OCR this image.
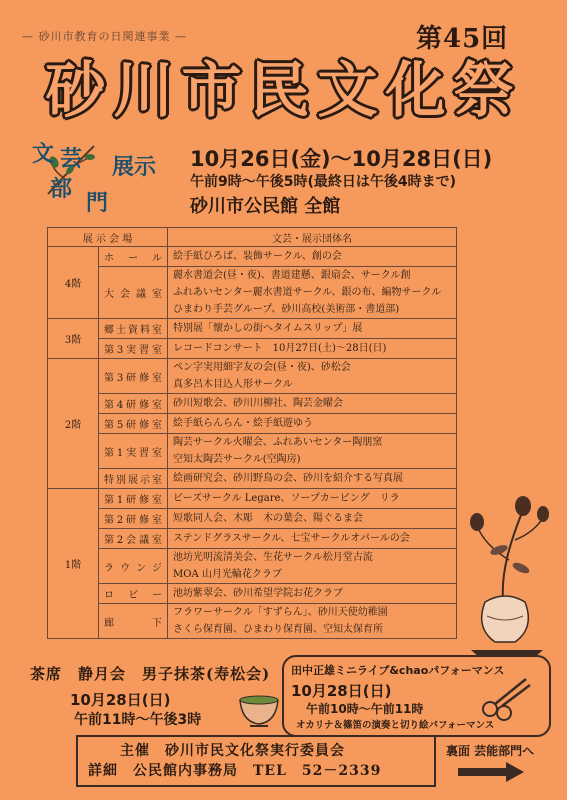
— 砂川市教育の日関連事業 —	第45回
砂川市民文化祭
文	展示
部
門
芸	10月26日(金)～10月28日(日)
午前9時～午後5時(最終日は午後4時まで)
砂川市公民館 全館
展 示 会 場		文芸・展示団体名
4階	ホール	絵手紙ひろば、装飾サークル、創の会

	大会議室	麗水書道会(昼・夜)、書道建懸、銀扇会、サークル創
ふれあいセンター麗水書道サークル、銀の布、編物サークル
ひまわり手芸グループ、砂川高校(美術部・書道部)

3階	郷土資料室	特別展「懐かしの街へタイムスリップ」展

	第3実習室	レコードコンサート　10月27日(土)～28日(日)

2階	第3研修室	ペン字実用細字友の会(昼・夜)、砂松会
真多呂木目込人形サークル

	第4研修室	砂川短歌会、砂川川柳社、陶芸金曜会

	第5研修室	絵手紙らんらん・絵手紙遊ゆう

	第1実習室	陶芸サークル火曜会、ふれあいセンター陶朋窯
空知太陶芸サークル(空陶房)

	特別展示室	絵画研究会、砂川野鳥の会、砂川を紹介する写真展

1階	第1研修室	ビーズサークル Legare、ソープカービング　リラ

	第2研修室	短歌同人会、木彫　木の葉会、陽ぐるま会

	第2会議室	ステンドグラスサークル、七宝サークルオパールの会

	ラウンジ	池坊光明流清美会、生花サークル松月堂古流
MOA 山月光輪花クラブ

	ロビー	池坊紫翠会、砂川希望学院お花クラブ

	廊下	フラワーサークル「すずらん」、砂川天使幼稚園
さくら保育園、ひまわり保育園、空知太保育所
茶席　静月会　男子抹茶(寿松会)
10月28日(日)
午前11時～午後3時
田中正雄ミニライブ&chaoパフォーマンス
10月28日(日)
午前10時～午前11時
オカリナ＆篠笛の演奏と切り絵パフォーマンス
主催　砂川市民文化祭実行委員会
詳細　公民館内事務局　TEL　52－2339
裏面 芸能部門へ
